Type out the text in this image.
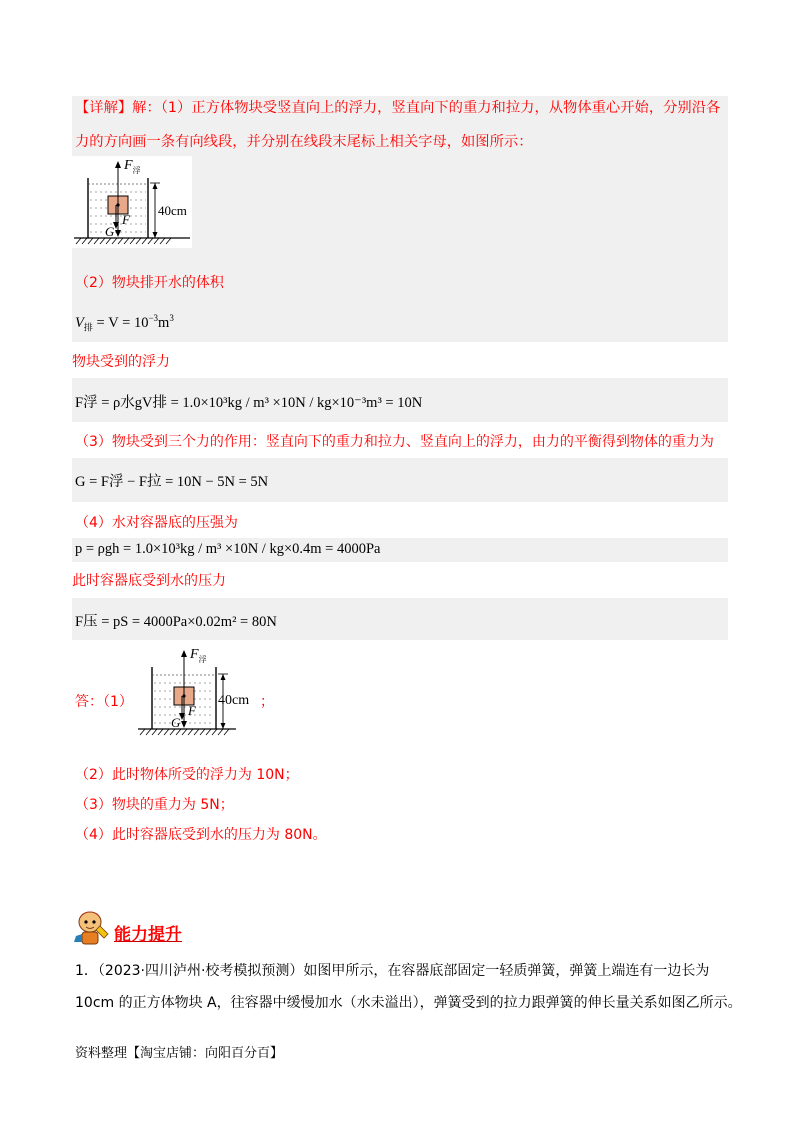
【详解】解：（1）正方体物块受竖直向上的浮力，竖直向下的重力和拉力，从物体重心开始，分别沿各
力的方向画一条有向线段，并分别在线段末尾标上相关字母，如图所示：
$F_浮$
F
G
40cm
（2）物块排开水的体积
$V_排 = V = 10^{-3}m^3$
物块受到的浮力
F浮 = ρ水gV排 = 1.0×10³kg / m³ ×10N / kg×10⁻³m³ = 10N
（3）物块受到三个力的作用：竖直向下的重力和拉力、竖直向上的浮力，由力的平衡得到物体的重力为
G = F浮 − F拉 = 10N − 5N = 5N
（4）水对容器底的压强为
p = ρgh = 1.0×10³kg / m³ ×10N / kg×0.4m = 4000Pa
此时容器底受到水的压力
F压 = pS = 4000Pa×0.02m² = 80N
答：（1）
$F_浮$
F
G
40cm ；
（2）此时物体所受的浮力为 10N；
（3）物块的重力为 5N；
（4）此时容器底受到水的压力为 80N。
能力提升
1．（2023·四川泸州·校考模拟预测）如图甲所示，在容器底部固定一轻质弹簧，弹簧上端连有一边长为
10cm 的正方体物块 A，往容器中缓慢加水（水未溢出），弹簧受到的拉力跟弹簧的伸长量关系如图乙所示。
资料整理【淘宝店铺：向阳百分百】
